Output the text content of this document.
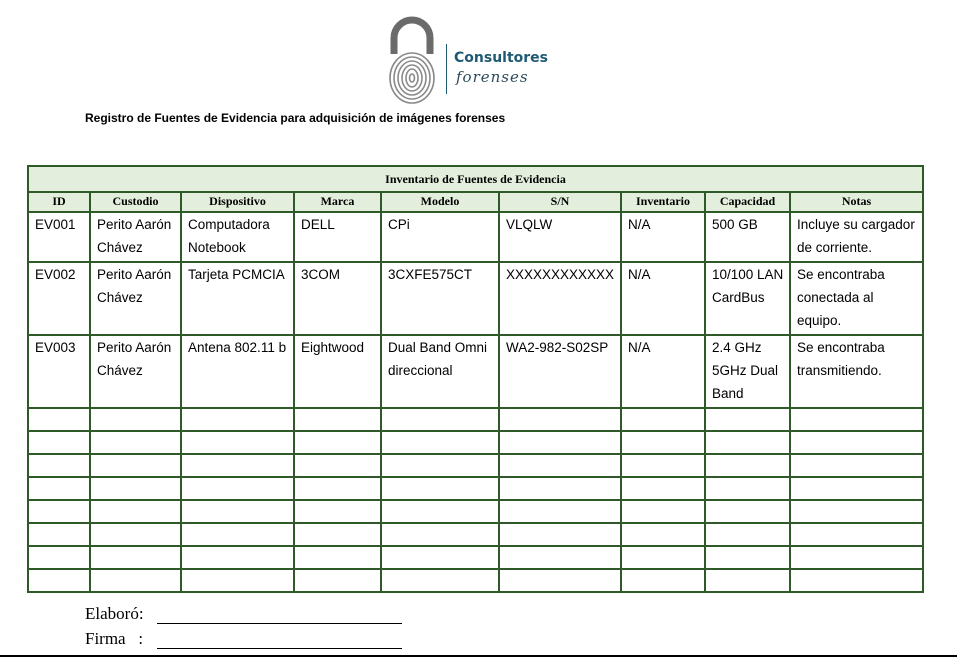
Consultores
forenses
Registro de Fuentes de Evidencia para adquisición de imágenes forenses
Inventario de Fuentes de Evidencia								
ID	Custodio	Dispositivo	Marca	Modelo	S/N	Inventario	Capacidad	Notas

EV001	Perito Aarón Chávez	Computadora Notebook	DELL	CPi	VLQLW	N/A	500 GB	Incluye su cargador de corriente.

EV002	Perito Aarón Chávez	Tarjeta PCMCIA	3COM	3CXFE575CT	XXXXXXXXXXXX	N/A	10/100 LAN CardBus	Se encontraba conectada al equipo.

EV003	Perito Aarón Chávez	Antena 802.11 b	Eightwood	Dual Band Omni direccional	WA2-982-S02SP	N/A	2.4 GHz 5GHz Dual Band	Se encontraba transmitiendo.

Elaboró:
Firma   :
